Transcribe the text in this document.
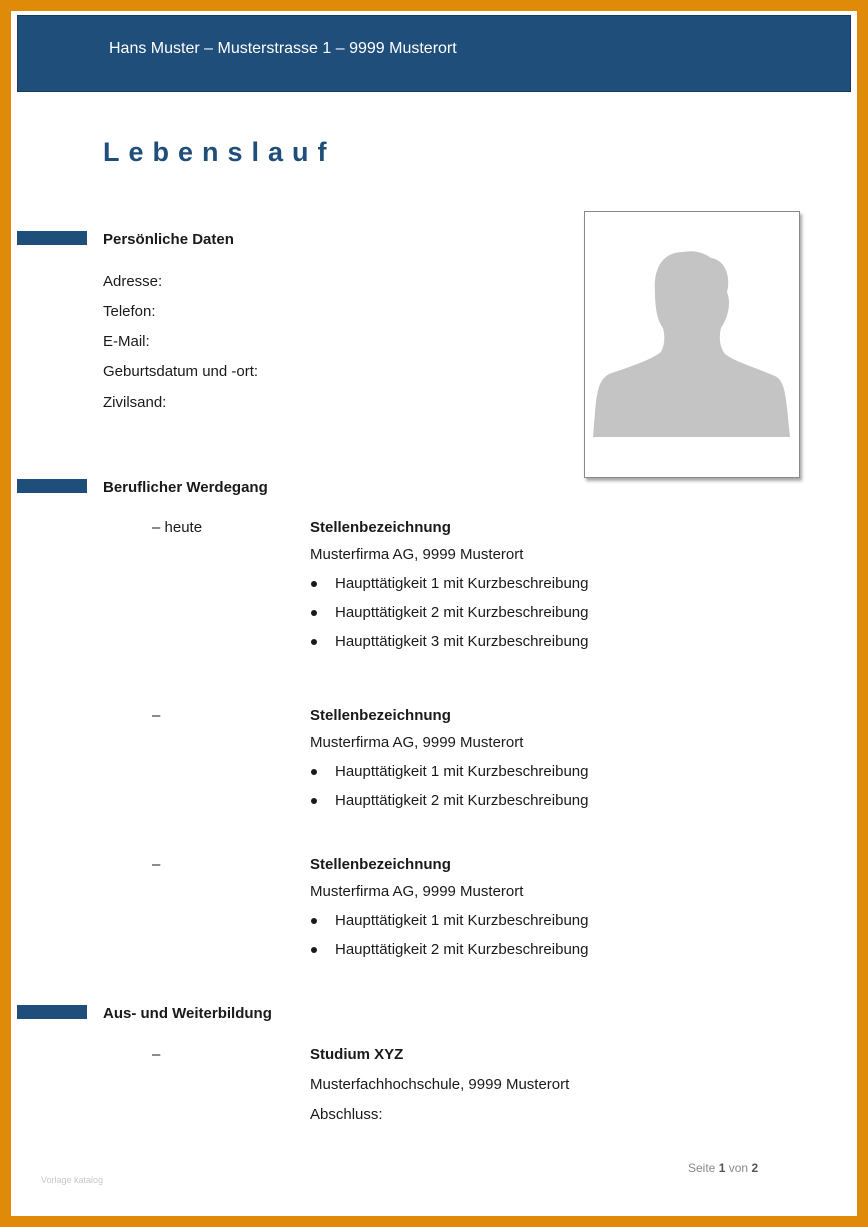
Hans Muster – Musterstrasse 1 – 9999 Musterort
Lebenslauf
Persönliche Daten
Adresse:
Telefon:
E-Mail:
Geburtsdatum und -ort:
Zivilsand:
Beruflicher Werdegang
– heute	Stellenbezeichnung
Musterfirma AG, 9999 Musterort
Haupttätigkeit 1 mit Kurzbeschreibung
Haupttätigkeit 2 mit Kurzbeschreibung
Haupttätigkeit 3 mit Kurzbeschreibung
–	Stellenbezeichnung
Musterfirma AG, 9999 Musterort
Haupttätigkeit 1 mit Kurzbeschreibung
Haupttätigkeit 2 mit Kurzbeschreibung
–	Stellenbezeichnung
Musterfirma AG, 9999 Musterort
Haupttätigkeit 1 mit Kurzbeschreibung
Haupttätigkeit 2 mit Kurzbeschreibung
Aus- und Weiterbildung
–	Studium XYZ
Musterfachhochschule, 9999 Musterort
Abschluss:
Vorlage katalog
Seite 1 von 2
